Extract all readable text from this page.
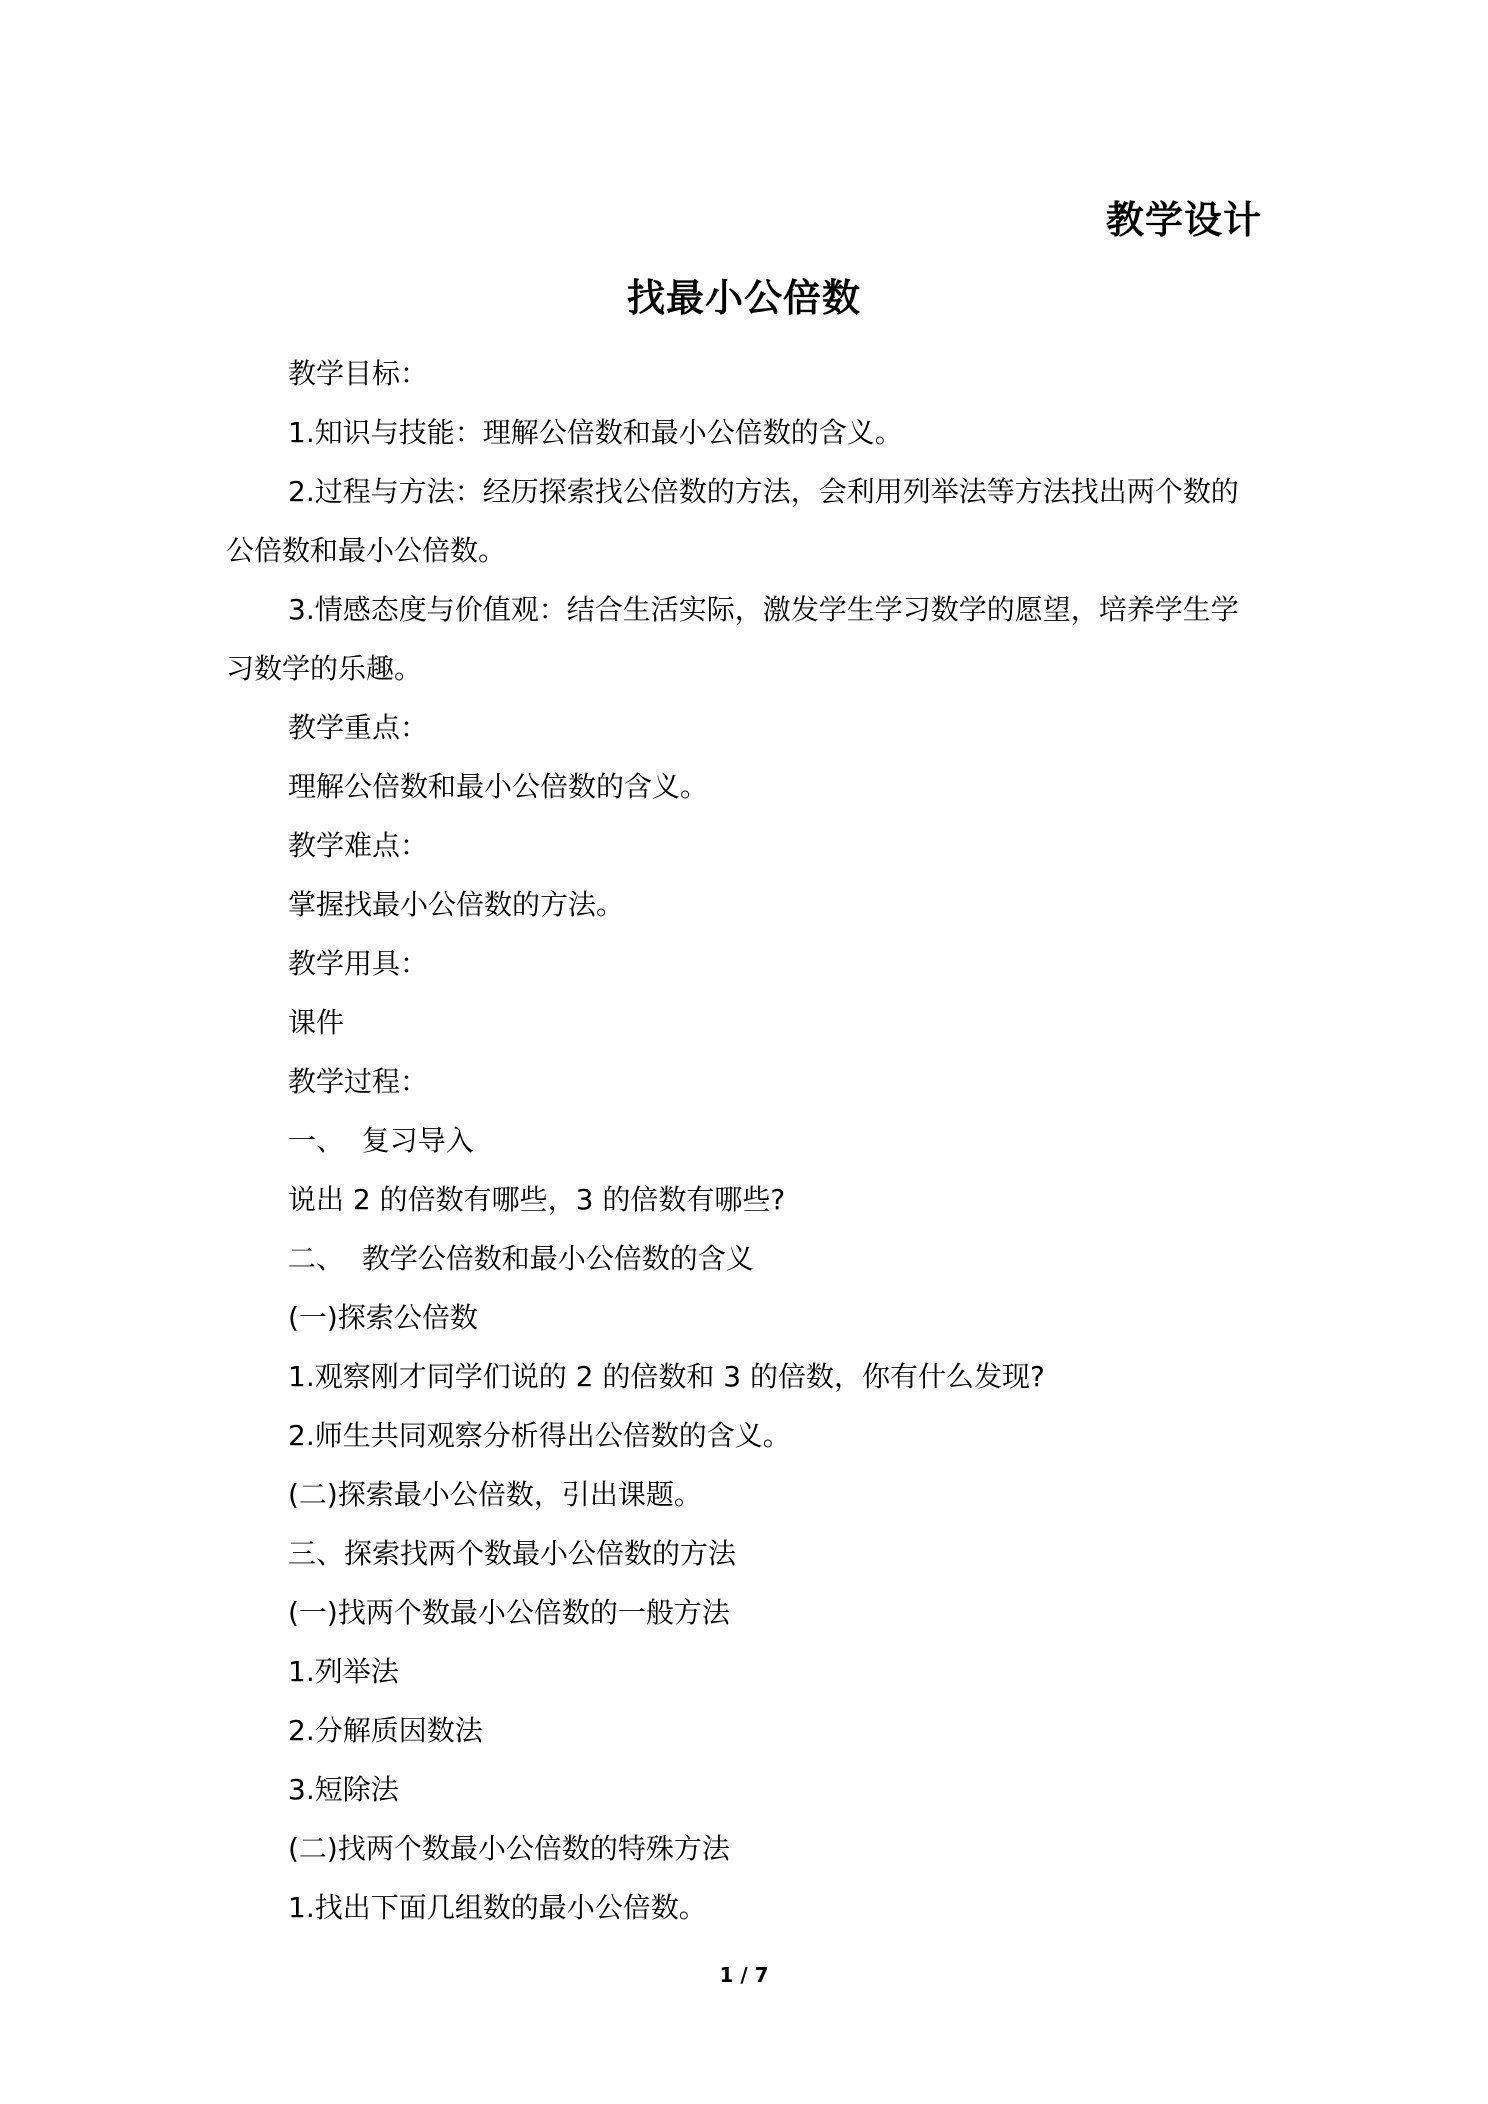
教学设计
找最小公倍数

教学目标：

1.知识与技能：理解公倍数和最小公倍数的含义。

2.过程与方法：经历探索找公倍数的方法，会利用列举法等方法找出两个数的公倍数和最小公倍数。

3.情感态度与价值观：结合生活实际，激发学生学习数学的愿望，培养学生学习数学的乐趣。

教学重点：

理解公倍数和最小公倍数的含义。

教学难点：

掌握找最小公倍数的方法。

教学用具：

课件

教学过程：

一、  复习导入

说出 2 的倍数有哪些，3 的倍数有哪些?

二、  教学公倍数和最小公倍数的含义

(一)探索公倍数

1.观察刚才同学们说的 2 的倍数和 3 的倍数，你有什么发现?

2.师生共同观察分析得出公倍数的含义。

(二)探索最小公倍数，引出课题。

三、探索找两个数最小公倍数的方法

(一)找两个数最小公倍数的一般方法

1.列举法

2.分解质因数法

3.短除法

(二)找两个数最小公倍数的特殊方法

1.找出下面几组数的最小公倍数。

1 / 7
